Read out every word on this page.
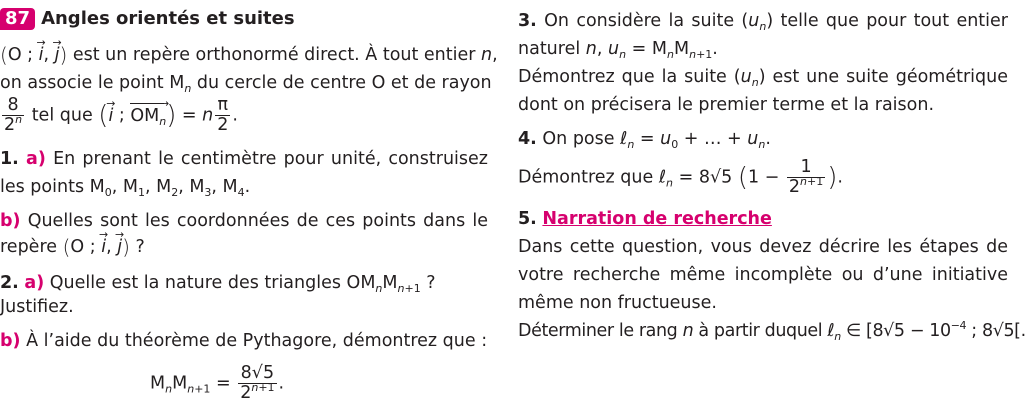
87 Angles orientés et suites
(O ; → i, → j) est un repère orthonormé direct. À tout entier n,
on associe le point $M_n$ du cercle de centre O et de rayon
$\frac{8}{2^n}$ tel que (→ i ; $OM_n$ →) = n $\frac{\pi}{2}$ .
1. a) En prenant le centimètre pour unité, construisez
les points $M_0$, $M_1$, $M_2$, $M_3$, $M_4$.
b) Quelles sont les coordonnées de ces points dans le
repère (O ; → i, → j) ?
2. a) Quelle est la nature des triangles $OM_nM_{n+1}$ ?
Justifiez.
b) À l’aide du théorème de Pythagore, démontrez que :
$M_nM_{n+1} = \frac{8√5}{2^{n+1}}$ .
3. On considère la suite $(u_n)$ telle que pour tout entier
naturel n, $u_n = M_nM_{n+1}$.
Démontrez que la suite $(u_n)$ est une suite géométrique
dont on précisera le premier terme et la raison.
4. On pose ℓ$_n$ = $u_0$ + … + $u_n$.
Démontrez que ℓ$_n$ = 8√5 ($1 - \frac{1}{2^{n+1}}$ ).
5. Narration de recherche
Dans cette question, vous devez décrire les étapes de
votre recherche même incomplète ou d’une initiative
même non fructueuse.
Déterminer le rang n à partir duquel ℓ$_n$ ∈ [$8√5 - 10^{-4}$ ; 8√5[.
